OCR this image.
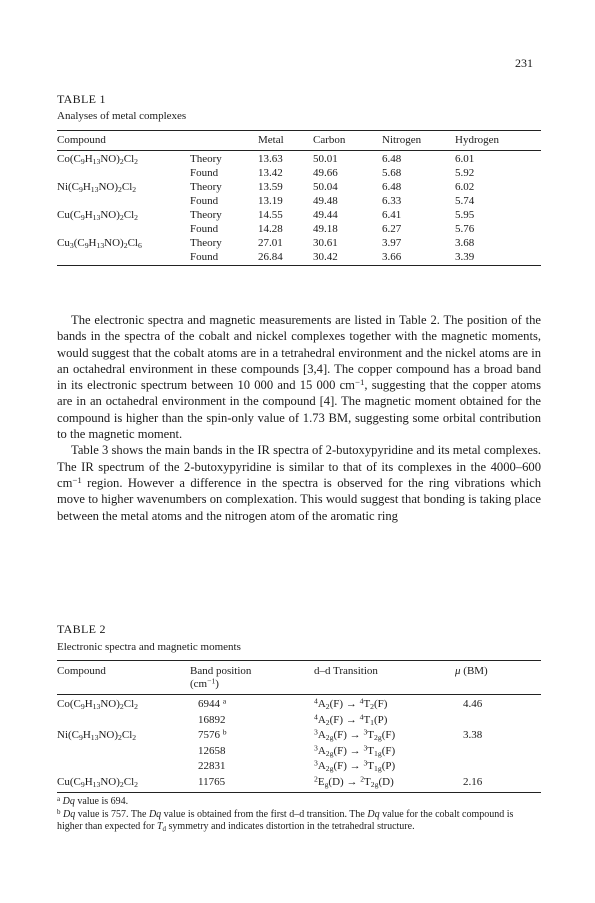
231
TABLE 1
Analyses of metal complexes
Compound	Metal	Carbon	Nitrogen	Hydrogen
$Co(C_9H_{13}NO)_2Cl_2$	Theory	13.63	50.01	6.48	6.01
Found	13.42	49.66	5.68	5.92
$Ni(C_9H_{13}NO)_2Cl_2$	Theory	13.59	50.04	6.48	6.02
Found	13.19	49.48	6.33	5.74
$Cu(C_9H_{13}NO)_2Cl_2$	Theory	14.55	49.44	6.41	5.95
Found	14.28	49.18	6.27	5.76
$Cu_3(C_9H_{13}NO)_2Cl_6$	Theory	27.01	30.61	3.97	3.68
Found	26.84	30.42	3.66	3.39

The electronic spectra and magnetic measurements are listed in Table 2. The position of the bands in the spectra of the cobalt and nickel complexes together with the magnetic moments, would suggest that the cobalt atoms are in a tetrahedral environment and the nickel atoms are in an octahedral environment in these compounds [3,4]. The copper compound has a broad band in its electronic spectrum between 10 000 and 15 000 $cm^{-1}$, suggesting that the copper atoms are in an octahedral environment in the compound [4]. The magnetic moment obtained for the compound is higher than the spin-only value of 1.73 BM, suggesting some orbital contribution to the magnetic moment.

Table 3 shows the main bands in the IR spectra of 2-butoxypyridine and its metal complexes. The IR spectrum of the 2-butoxypyridine is similar to that of its complexes in the 4000–600 $cm^{-1}$ region. However a difference in the spectra is observed for the ring vibrations which move to higher wavenumbers on complexation. This would suggest that bonding is taking place between the metal atoms and the nitrogen atom of the aromatic ring

TABLE 2
Electronic spectra and magnetic moments
Compound	Band position
$(cm^{-1})$
d–d Transition	μ (BM)
$Co(C_9H_{13}NO)_2Cl_2$	6944 $^a$	$^4A_2(F) \to ^4T_2(F)$	4.46
16892	$^4A_2(F) \to ^4T_1(P)$
$Ni(C_9H_{13}NO)_2Cl_2$	7576 $^b$	$^3A_{2g}(F) \to ^3T_{2g}(F)$	3.38
12658	$^3A_{2g}(F) \to ^3T_{1g}(F)$
22831	$^3A_{2g}(F) \to ^3T_{1g}(P)$
$Cu(C_9H_{13}NO)_2Cl_2$	11765	$^2E_g(D) \to ^2T_{2g}(D)$	2.16
$^a$ Dq value is 694.
$^b$ Dq value is 757. The Dq value is obtained from the first d–d transition. The Dq value for the cobalt compound is higher than expected for $T_d$ symmetry and indicates distortion in the tetrahedral structure.
